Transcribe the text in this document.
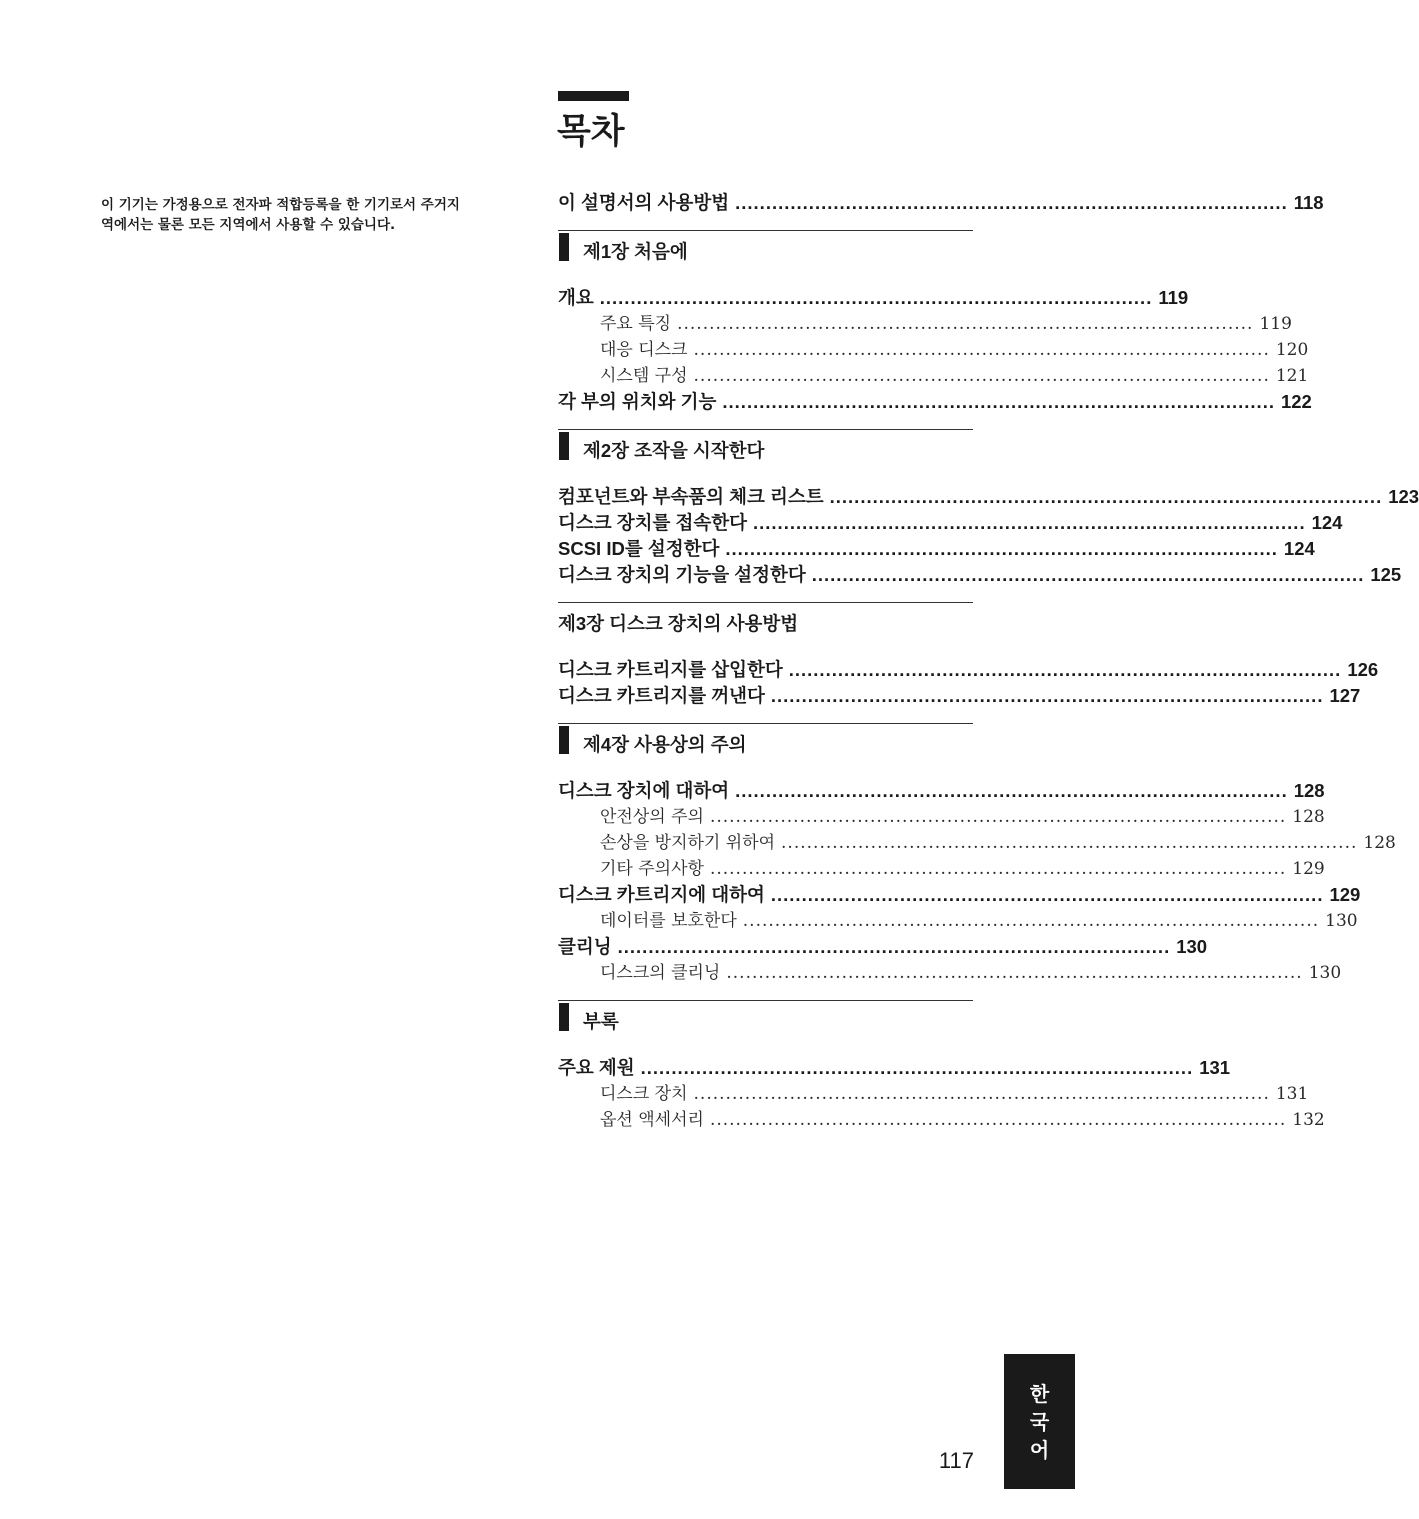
목차
이 기기는 가정용으로 전자파 적합등록을 한 기기로서 주거지
역에서는 물론 모든 지역에서 사용할 수 있습니다.
이 설명서의 사용방법 .......................................................................................... 118
제1장 처음에
개요 .......................................................................................... 119
주요 특징 .......................................................................................... 119
대응 디스크 .......................................................................................... 120
시스템 구성 .......................................................................................... 121
각 부의 위치와 기능 .......................................................................................... 122
제2장 조작을 시작한다
컴포넌트와 부속품의 체크 리스트 .......................................................................................... 123
디스크 장치를 접속한다 .......................................................................................... 124
SCSI ID를 설정한다 .......................................................................................... 124
디스크 장치의 기능을 설정한다 .......................................................................................... 125
제3장 디스크 장치의 사용방법
디스크 카트리지를 삽입한다 .......................................................................................... 126
디스크 카트리지를 꺼낸다 .......................................................................................... 127
제4장 사용상의 주의
디스크 장치에 대하여 .......................................................................................... 128
안전상의 주의 .......................................................................................... 128
손상을 방지하기 위하여 .......................................................................................... 128
기타 주의사항 .......................................................................................... 129
디스크 카트리지에 대하여 .......................................................................................... 129
데이터를 보호한다 .......................................................................................... 130
클리닝 .......................................................................................... 130
디스크의 클리닝 .......................................................................................... 130
부록
주요 제원 .......................................................................................... 131
디스크 장치 .......................................................................................... 131
옵션 액세서리 .......................................................................................... 132
117
한국어
